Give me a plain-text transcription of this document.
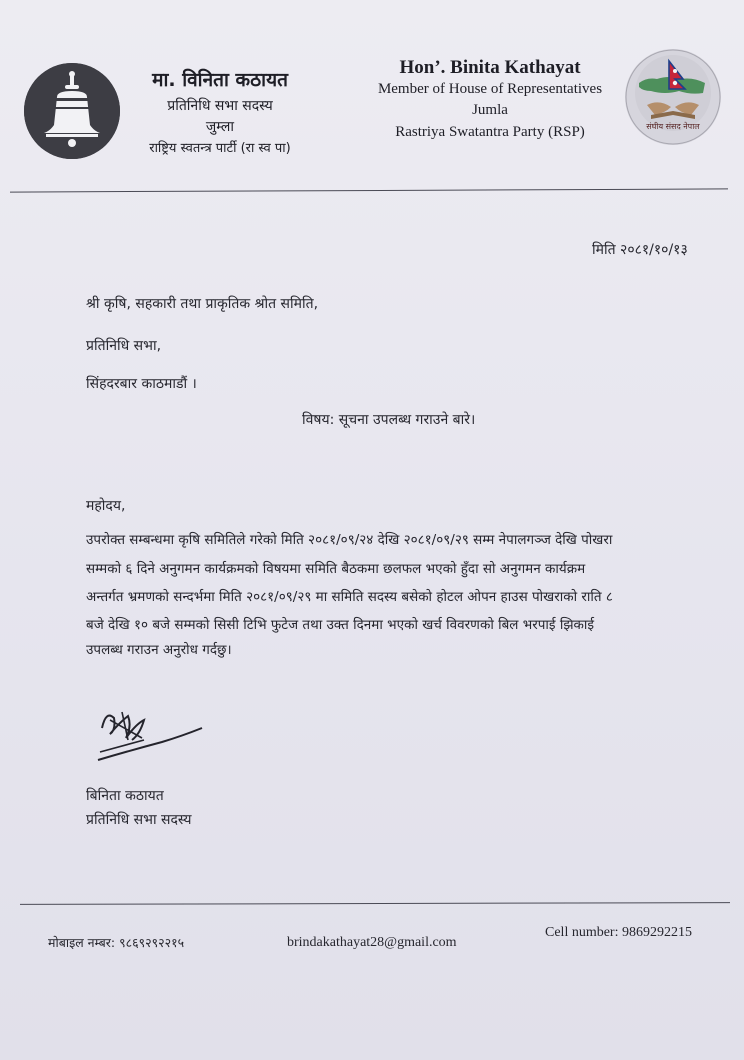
मा. विनिता कठायत
प्रतिनिधि सभा सदस्य
जुम्ला
राष्ट्रिय स्वतन्त्र पार्टी (रा स्व पा)
Hon’. Binita Kathayat
Member of House of Representatives
Jumla
Rastriya Swatantra Party (RSP)	संघीय संसद नेपाल
मिति २०८१/१०/१३
श्री कृषि, सहकारी तथा प्राकृतिक श्रोत समिति,
प्रतिनिधि सभा,
सिंहदरबार काठमाडौं ।
विषय: सूचना उपलब्ध गराउने बारे।
महोदय,
उपरोक्त सम्बन्धमा कृषि समितिले गरेको मिति २०८१/०९/२४ देखि २०८१/०९/२९ सम्म नेपालगञ्ज देखि पोखरा
सम्मको ६ दिने अनुगमन कार्यक्रमको विषयमा समिति बैठकमा छलफल भएको हुँदा सो अनुगमन कार्यक्रम
अन्तर्गत भ्रमणको सन्दर्भमा मिति २०८१/०९/२९ मा समिति सदस्य बसेको होटल ओपन हाउस पोखराको राति ८
बजे देखि १० बजे सम्मको सिसी टिभि फुटेज तथा उक्त दिनमा भएको खर्च विवरणको बिल भरपाई झिकाई
उपलब्ध गराउन अनुरोध गर्दछु।
बिनिता कठायत
प्रतिनिधि सभा सदस्य
मोबाइल नम्बर: ९८६९२९२२१५	brindakathayat28@gmail.com
Cell number: 9869292215
